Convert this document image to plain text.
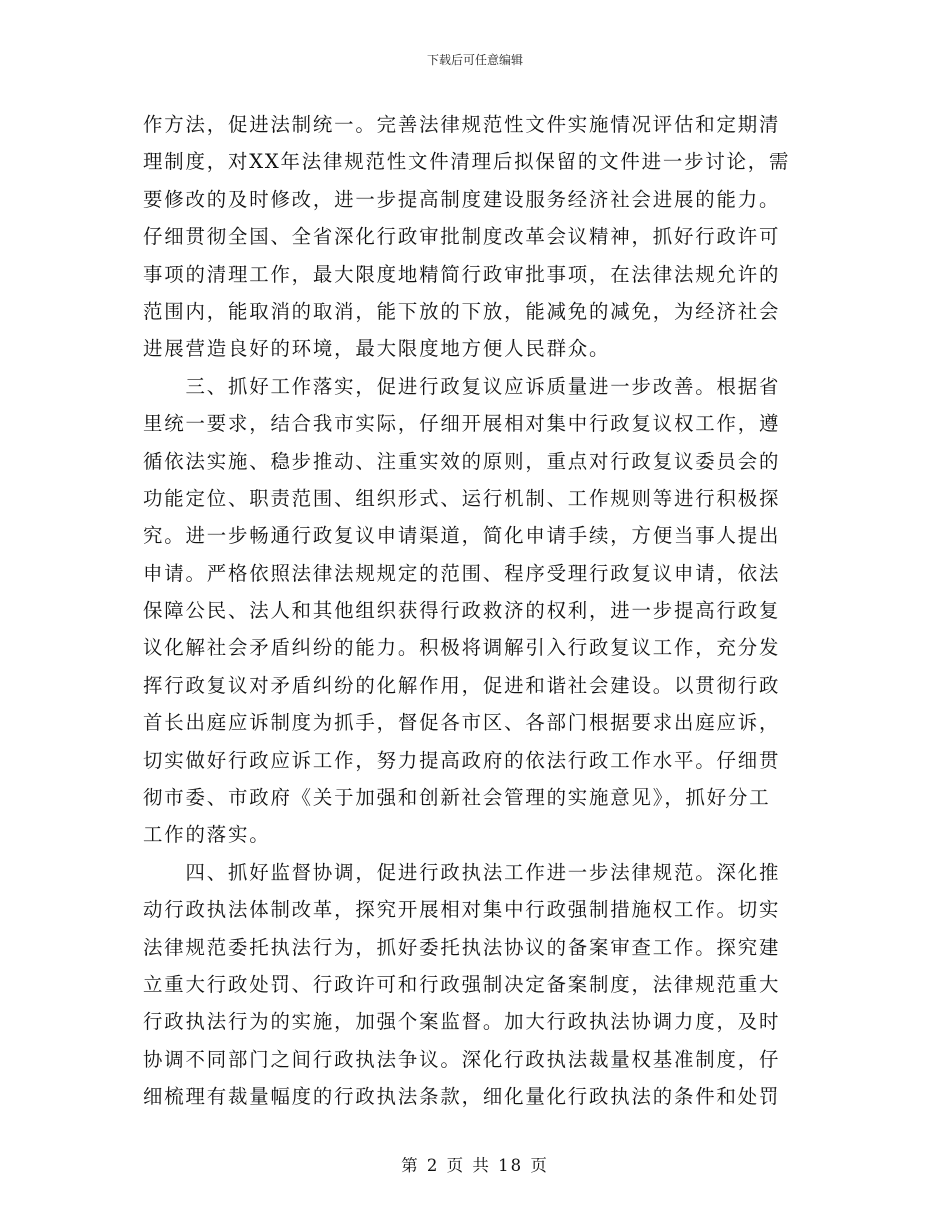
下载后可任意编辑
作方法，促进法制统一。完善法律规范性文件实施情况评估和定期清
理制度，对XX年法律规范性文件清理后拟保留的文件进一步讨论，需
要修改的及时修改，进一步提高制度建设服务经济社会进展的能力。
仔细贯彻全国、全省深化行政审批制度改革会议精神，抓好行政许可
事项的清理工作，最大限度地精简行政审批事项，在法律法规允许的
范围内，能取消的取消，能下放的下放，能减免的减免，为经济社会
进展营造良好的环境，最大限度地方便人民群众。
　　三、抓好工作落实，促进行政复议应诉质量进一步改善。根据省
里统一要求，结合我市实际，仔细开展相对集中行政复议权工作，遵
循依法实施、稳步推动、注重实效的原则，重点对行政复议委员会的
功能定位、职责范围、组织形式、运行机制、工作规则等进行积极探
究。进一步畅通行政复议申请渠道，简化申请手续，方便当事人提出
申请。严格依照法律法规规定的范围、程序受理行政复议申请，依法
保障公民、法人和其他组织获得行政救济的权利，进一步提高行政复
议化解社会矛盾纠纷的能力。积极将调解引入行政复议工作，充分发
挥行政复议对矛盾纠纷的化解作用，促进和谐社会建设。以贯彻行政
首长出庭应诉制度为抓手，督促各市区、各部门根据要求出庭应诉，
切实做好行政应诉工作，努力提高政府的依法行政工作水平。仔细贯
彻市委、市政府《关于加强和创新社会管理的实施意见》，抓好分工
工作的落实。
　　四、抓好监督协调，促进行政执法工作进一步法律规范。深化推
动行政执法体制改革，探究开展相对集中行政强制措施权工作。切实
法律规范委托执法行为，抓好委托执法协议的备案审查工作。探究建
立重大行政处罚、行政许可和行政强制决定备案制度，法律规范重大
行政执法行为的实施，加强个案监督。加大行政执法协调力度，及时
协调不同部门之间行政执法争议。深化行政执法裁量权基准制度，仔
细梳理有裁量幅度的行政执法条款，细化量化行政执法的条件和处罚
第 2 页 共 18 页
